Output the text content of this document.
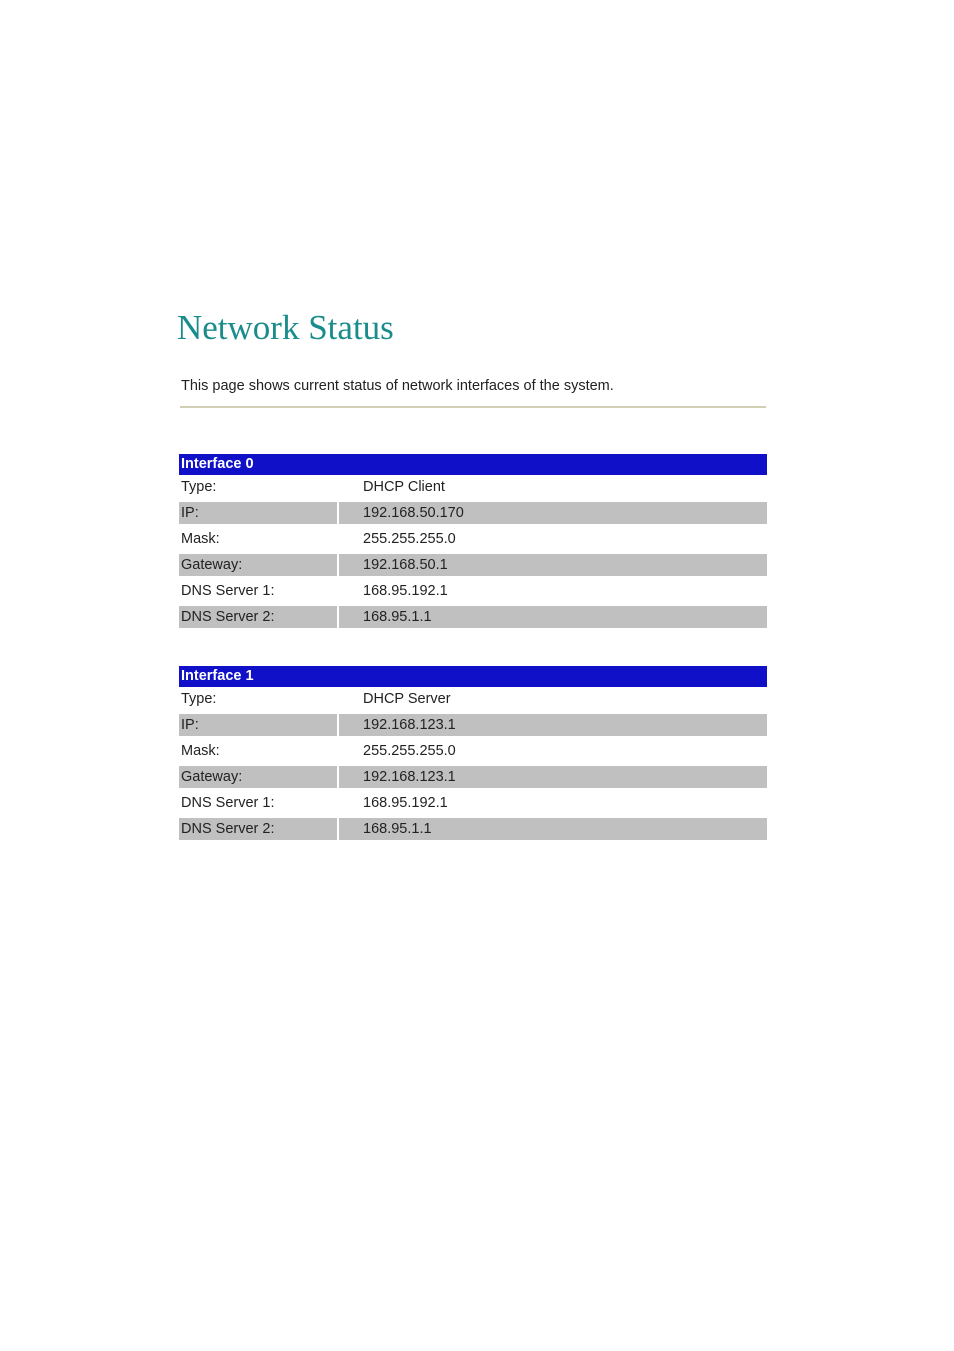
Network Status

This page shows current status of network interfaces of the system.

Interface 0
Type:	DHCP Client
IP:	192.168.50.170
Mask:	255.255.255.0
Gateway:	192.168.50.1
DNS Server 1:	168.95.192.1
DNS Server 2:	168.95.1.1
Interface 1
Type:	DHCP Server
IP:	192.168.123.1
Mask:	255.255.255.0
Gateway:	192.168.123.1
DNS Server 1:	168.95.192.1
DNS Server 2:	168.95.1.1
